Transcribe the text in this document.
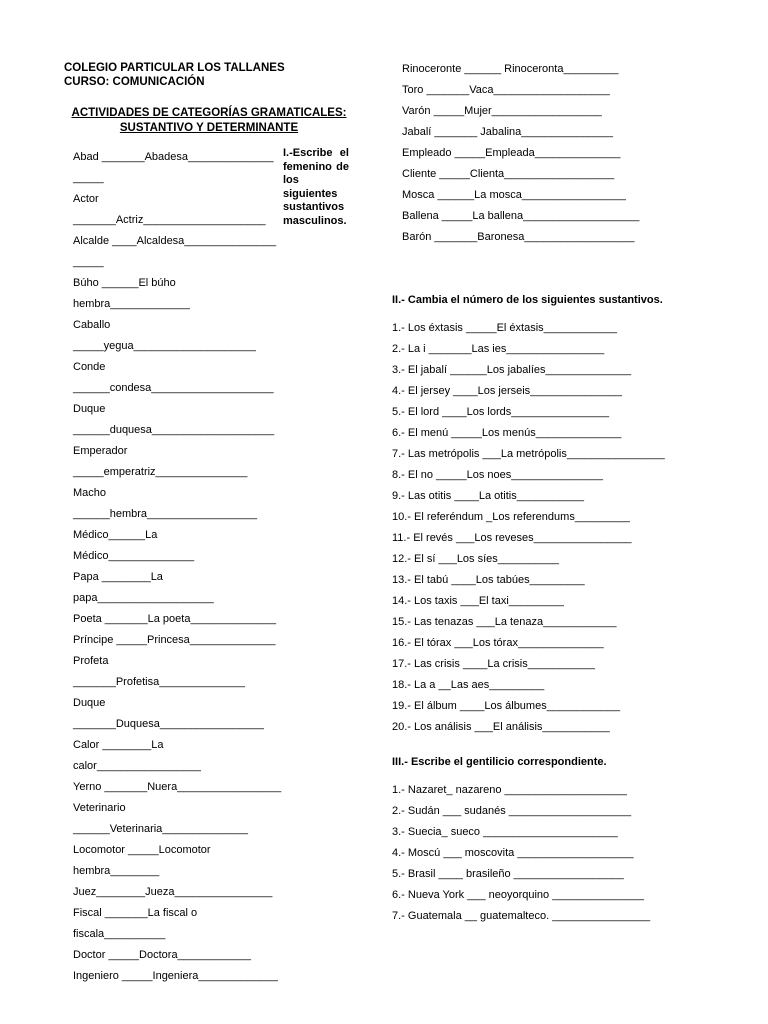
COLEGIO PARTICULAR LOS TALLANES
CURSO: COMUNICACIÓN
ACTIVIDADES DE CATEGORÍAS GRAMATICALES:
SUSTANTIVO Y DETERMINANTE
Abad _______Abadesa______________
_____
Actor
_______Actriz____________________
Alcalde ____Alcaldesa_______________
_____
Búho ______El búho
hembra_____________
Caballo
_____yegua____________________
Conde
______condesa____________________
Duque
______duquesa____________________
Emperador
_____emperatriz_______________
Macho
______hembra__________________
Médico______La
Médico______________
Papa ________La
papa___________________
Poeta _______La poeta______________
Príncipe _____Princesa______________
Profeta
_______Profetisa______________
Duque
_______Duquesa_________________
Calor ________La
calor_________________
Yerno _______Nuera_________________
Veterinario
______Veterinaria______________
Locomotor _____Locomotor
hembra________
Juez________Jueza________________
Fiscal _______La fiscal o
fiscala__________
Doctor _____Doctora____________
Ingeniero _____Ingeniera_____________
I.-Escribe el femenino de los siguientes sustantivos masculinos.
Rinoceronte ______ Rinoceronta_________
Toro _______Vaca___________________
Varón _____Mujer__________________
Jabalí _______ Jabalina_______________
Empleado _____Empleada______________
Cliente _____Clienta__________________
Mosca ______La mosca_________________
Ballena _____La ballena___________________
Barón _______Baronesa__________________
II.- Cambia el número de los siguientes sustantivos.
1.- Los éxtasis _____El éxtasis____________
2.- La i _______Las ies________________
3.- El jabalí ______Los jabalíes______________
4.- El jersey ____Los jerseis_______________
5.- El lord ____Los lords________________
6.- El menú _____Los menús______________
7.- Las metrópolis ___La metrópolis________________
8.- El no _____Los noes_______________
9.- Las otitis ____La otitis___________
10.- El referéndum _Los referendums_________
11.- El revés ___Los reveses________________
12.- El sí ___Los síes__________
13.- El tabú ____Los tabúes_________
14.- Los taxis ___El taxi_________
15.- Las tenazas ___La tenaza____________
16.- El tórax ___Los tórax______________
17.- Las crisis ____La crisis___________
18.- La a __Las aes_________
19.- El álbum ____Los álbumes____________
20.- Los análisis ___El análisis___________
III.- Escribe el gentilicio correspondiente.
1.- Nazaret_ nazareno ____________________
2.- Sudán ___ sudanés ____________________
3.- Suecia_ sueco ______________________
4.- Moscú ___ moscovita ___________________
5.- Brasil ____ brasileño __________________
6.- Nueva York ___ neoyorquino _______________
7.- Guatemala __ guatemalteco. ________________
